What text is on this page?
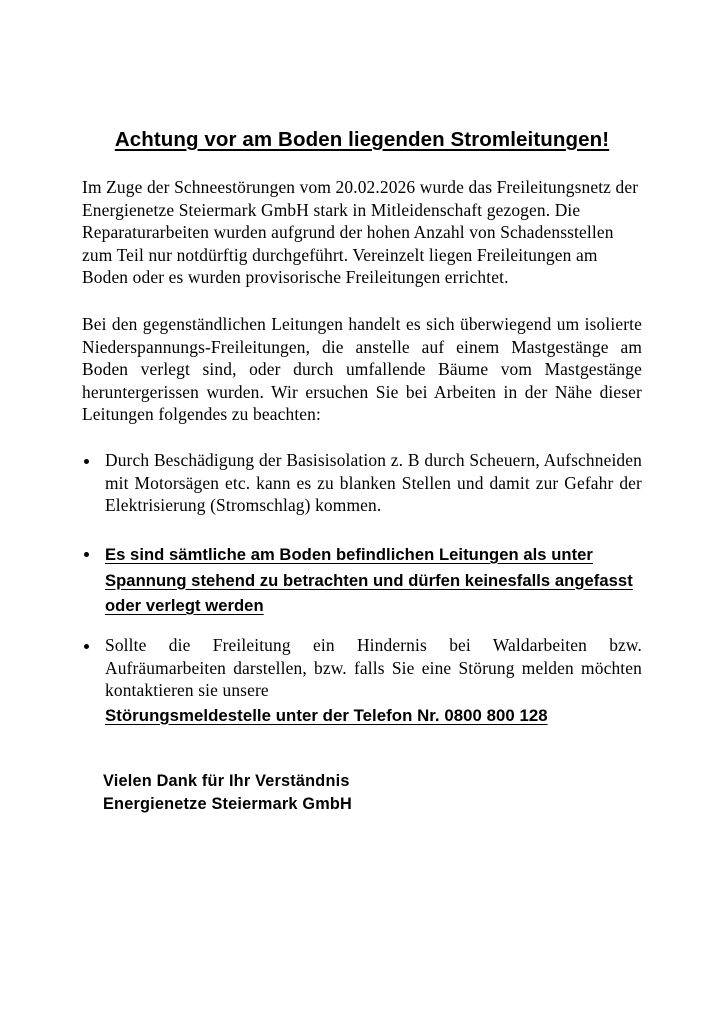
Achtung vor am Boden liegenden Stromleitungen!

Im Zuge der Schneestörungen vom 20.02.2026 wurde das Freileitungsnetz der Energienetze Steiermark GmbH stark in Mitleidenschaft gezogen. Die Reparaturarbeiten wurden aufgrund der hohen Anzahl von Schadensstellen zum Teil nur notdürftig durchgeführt. Vereinzelt liegen Freileitungen am Boden oder es wurden provisorische Freileitungen errichtet.

Bei den gegenständlichen Leitungen handelt es sich überwiegend um isolierte Niederspannungs-Freileitungen, die anstelle auf einem Mastgestänge am Boden verlegt sind, oder durch umfallende Bäume vom Mastgestänge heruntergerissen wurden. Wir ersuchen Sie bei Arbeiten in der Nähe dieser Leitungen folgendes zu beachten:

Durch Beschädigung der Basisisolation z. B durch Scheuern, Aufschneiden mit Motorsägen etc. kann es zu blanken Stellen und damit zur Gefahr der Elektrisierung (Stromschlag) kommen.
Es sind sämtliche am Boden befindlichen Leitungen als unter
Spannung stehend zu betrachten und dürfen keinesfalls angefasst
oder verlegt werden
Sollte die Freileitung ein Hindernis bei Waldarbeiten bzw. Aufräumarbeiten darstellen, bzw. falls Sie eine Störung melden möchten kontaktieren sie unsere
Störungsmeldestelle unter der Telefon Nr. 0800 800 128
Vielen Dank für Ihr Verständnis
Energienetze Steiermark GmbH
